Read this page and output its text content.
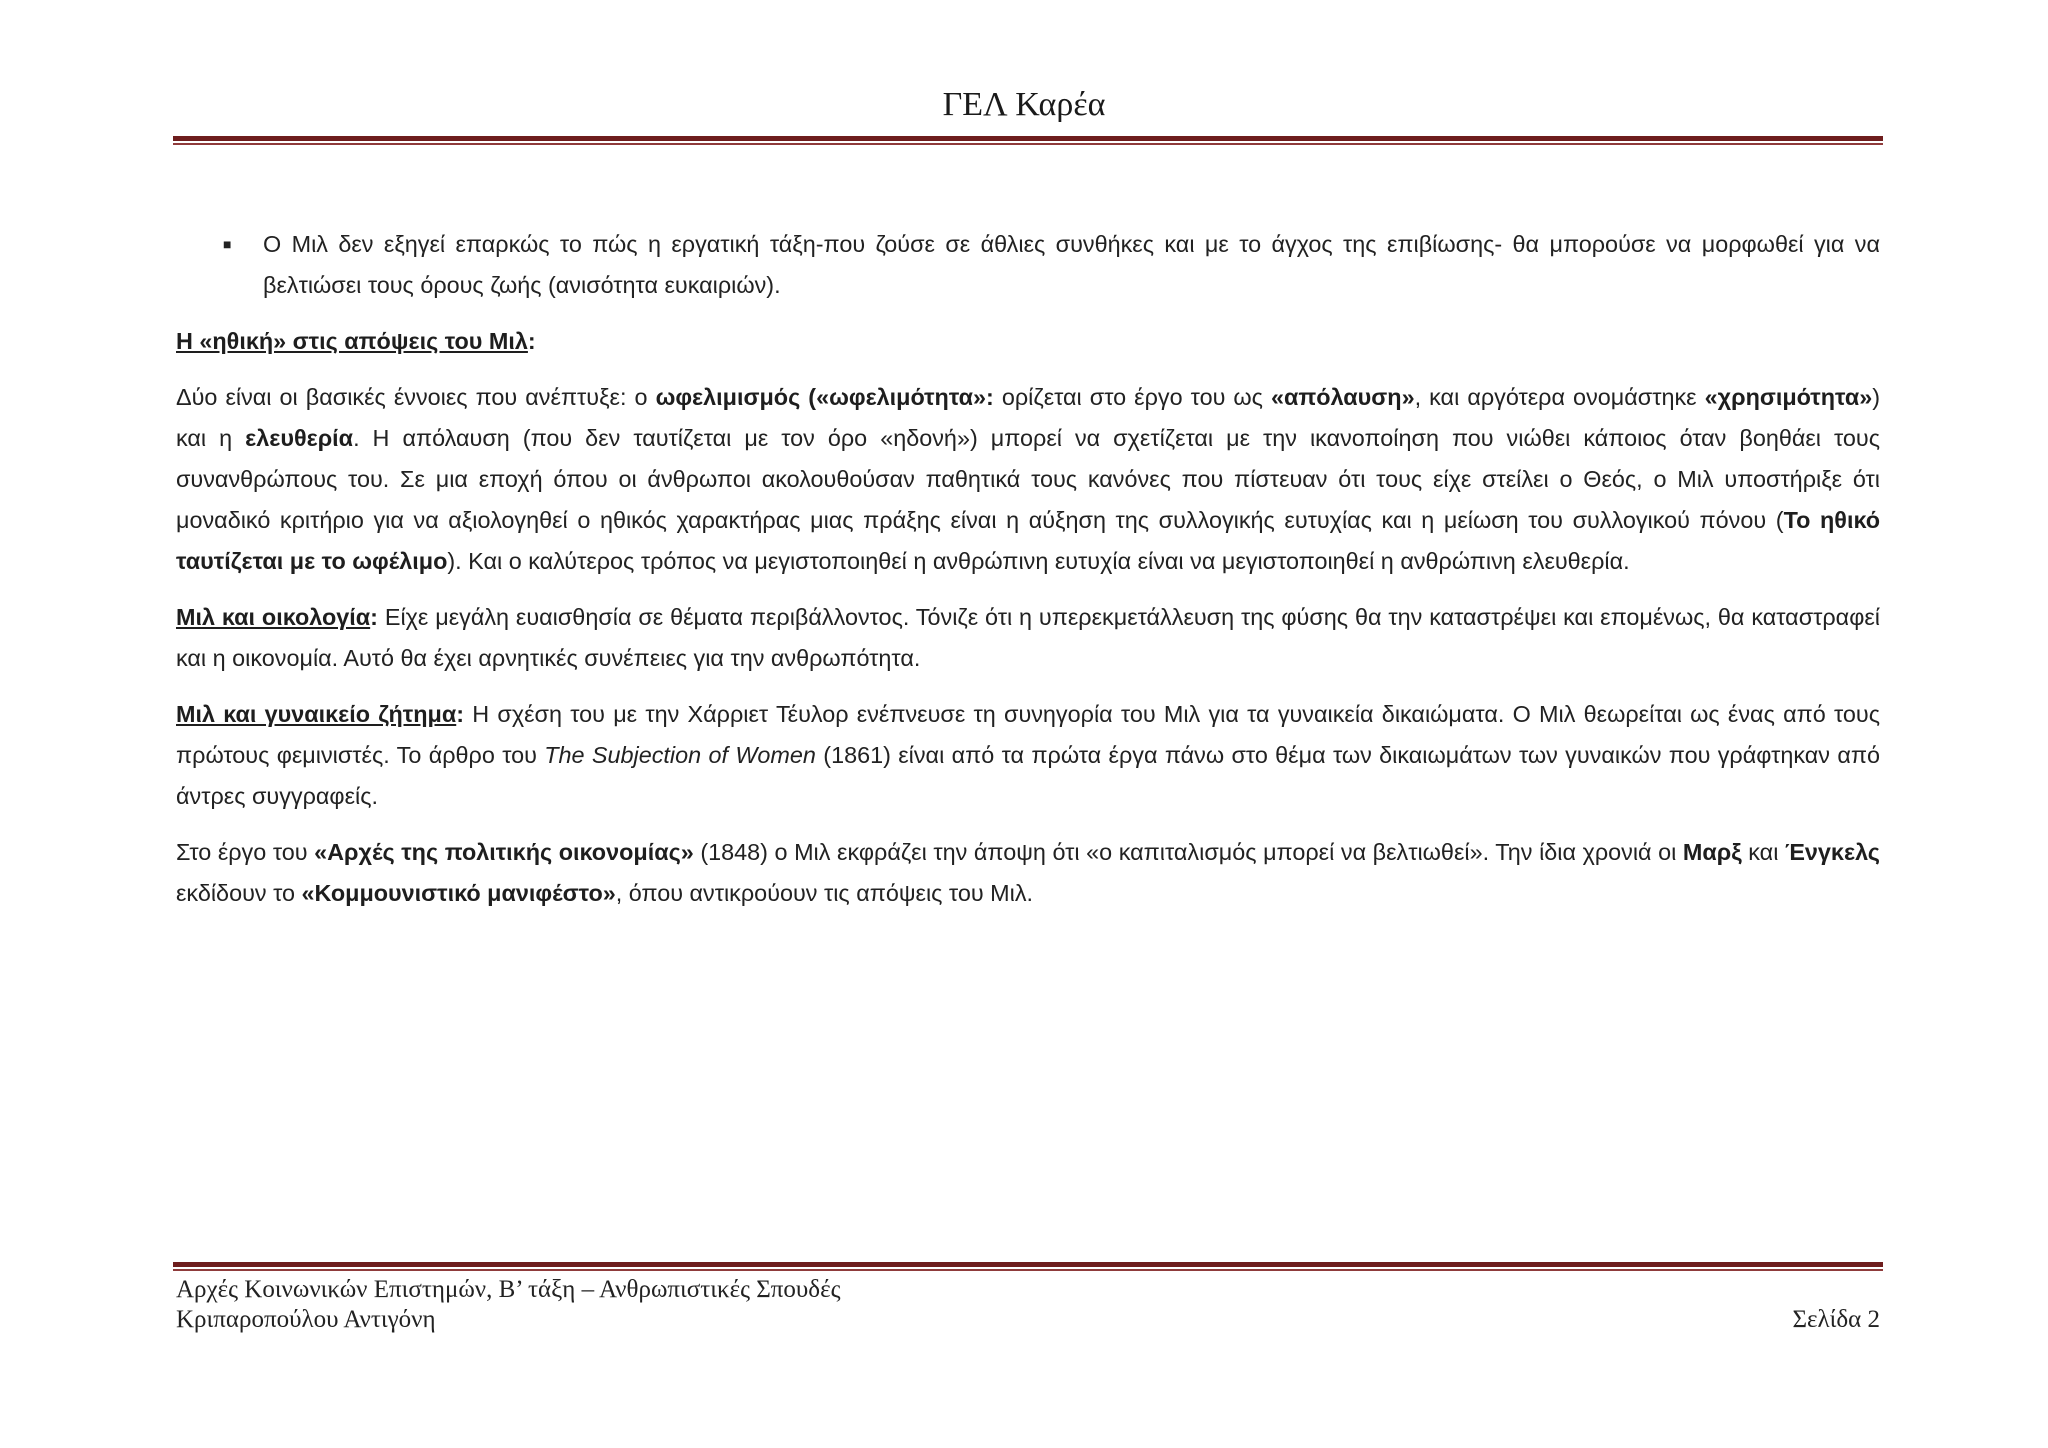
ΓΕΛ Καρέα
■	Ο Μιλ δεν εξηγεί επαρκώς το πώς η εργατική τάξη-που ζούσε σε άθλιες συνθήκες και με το άγχος της επιβίωσης- θα μπορούσε να μορφωθεί για να βελτιώσει τους όρους ζωής (ανισότητα ευκαιριών).

Η «ηθική» στις απόψεις του Μιλ:

Δύο είναι οι βασικές έννοιες που ανέπτυξε: ο ωφελιμισμός («ωφελιμότητα»: ορίζεται στο έργο του ως «απόλαυση», και αργότερα ονομάστηκε «χρησιμότητα») και η ελευθερία. Η απόλαυση (που δεν ταυτίζεται με τον όρο «ηδονή») μπορεί να σχετίζεται με την ικανοποίηση που νιώθει κάποιος όταν βοηθάει τους συνανθρώπους του. Σε μια εποχή όπου οι άνθρωποι ακολουθούσαν παθητικά τους κανόνες που πίστευαν ότι τους είχε στείλει ο Θεός, ο Μιλ υποστήριξε ότι μοναδικό κριτήριο για να αξιολογηθεί ο ηθικός χαρακτήρας μιας πράξης είναι η αύξηση της συλλογικής ευτυχίας και η μείωση του συλλογικού πόνου (Το ηθικό ταυτίζεται με το ωφέλιμο). Και ο καλύτερος τρόπος να μεγιστοποιηθεί η ανθρώπινη ευτυχία είναι να μεγιστοποιηθεί η ανθρώπινη ελευθερία.

Μιλ και οικολογία: Είχε μεγάλη ευαισθησία σε θέματα περιβάλλοντος. Τόνιζε ότι η υπερεκμετάλλευση της φύσης θα την καταστρέψει και επομένως, θα καταστραφεί και η οικονομία. Αυτό θα έχει αρνητικές συνέπειες για την ανθρωπότητα.

Μιλ και γυναικείο ζήτημα: Η σχέση του με την Χάρριετ Τέυλορ ενέπνευσε τη συνηγορία του Μιλ για τα γυναικεία δικαιώματα. Ο Μιλ θεωρείται ως ένας από τους πρώτους φεμινιστές. Το άρθρο του The Subjection of Women (1861) είναι από τα πρώτα έργα πάνω στο θέμα των δικαιωμάτων των γυναικών που γράφτηκαν από άντρες συγγραφείς.

Στο έργο του «Αρχές της πολιτικής οικονομίας» (1848) ο Μιλ εκφράζει την άποψη ότι «ο καπιταλισμός μπορεί να βελτιωθεί». Την ίδια χρονιά οι Μαρξ και Ένγκελς εκδίδουν το «Κομμουνιστικό μανιφέστο», όπου αντικρούουν τις απόψεις του Μιλ.

Αρχές Κοινωνικών Επιστημών, Β’ τάξη – Ανθρωπιστικές Σπουδές
Κριπαροπούλου Αντιγόνη	Σελίδα 2
